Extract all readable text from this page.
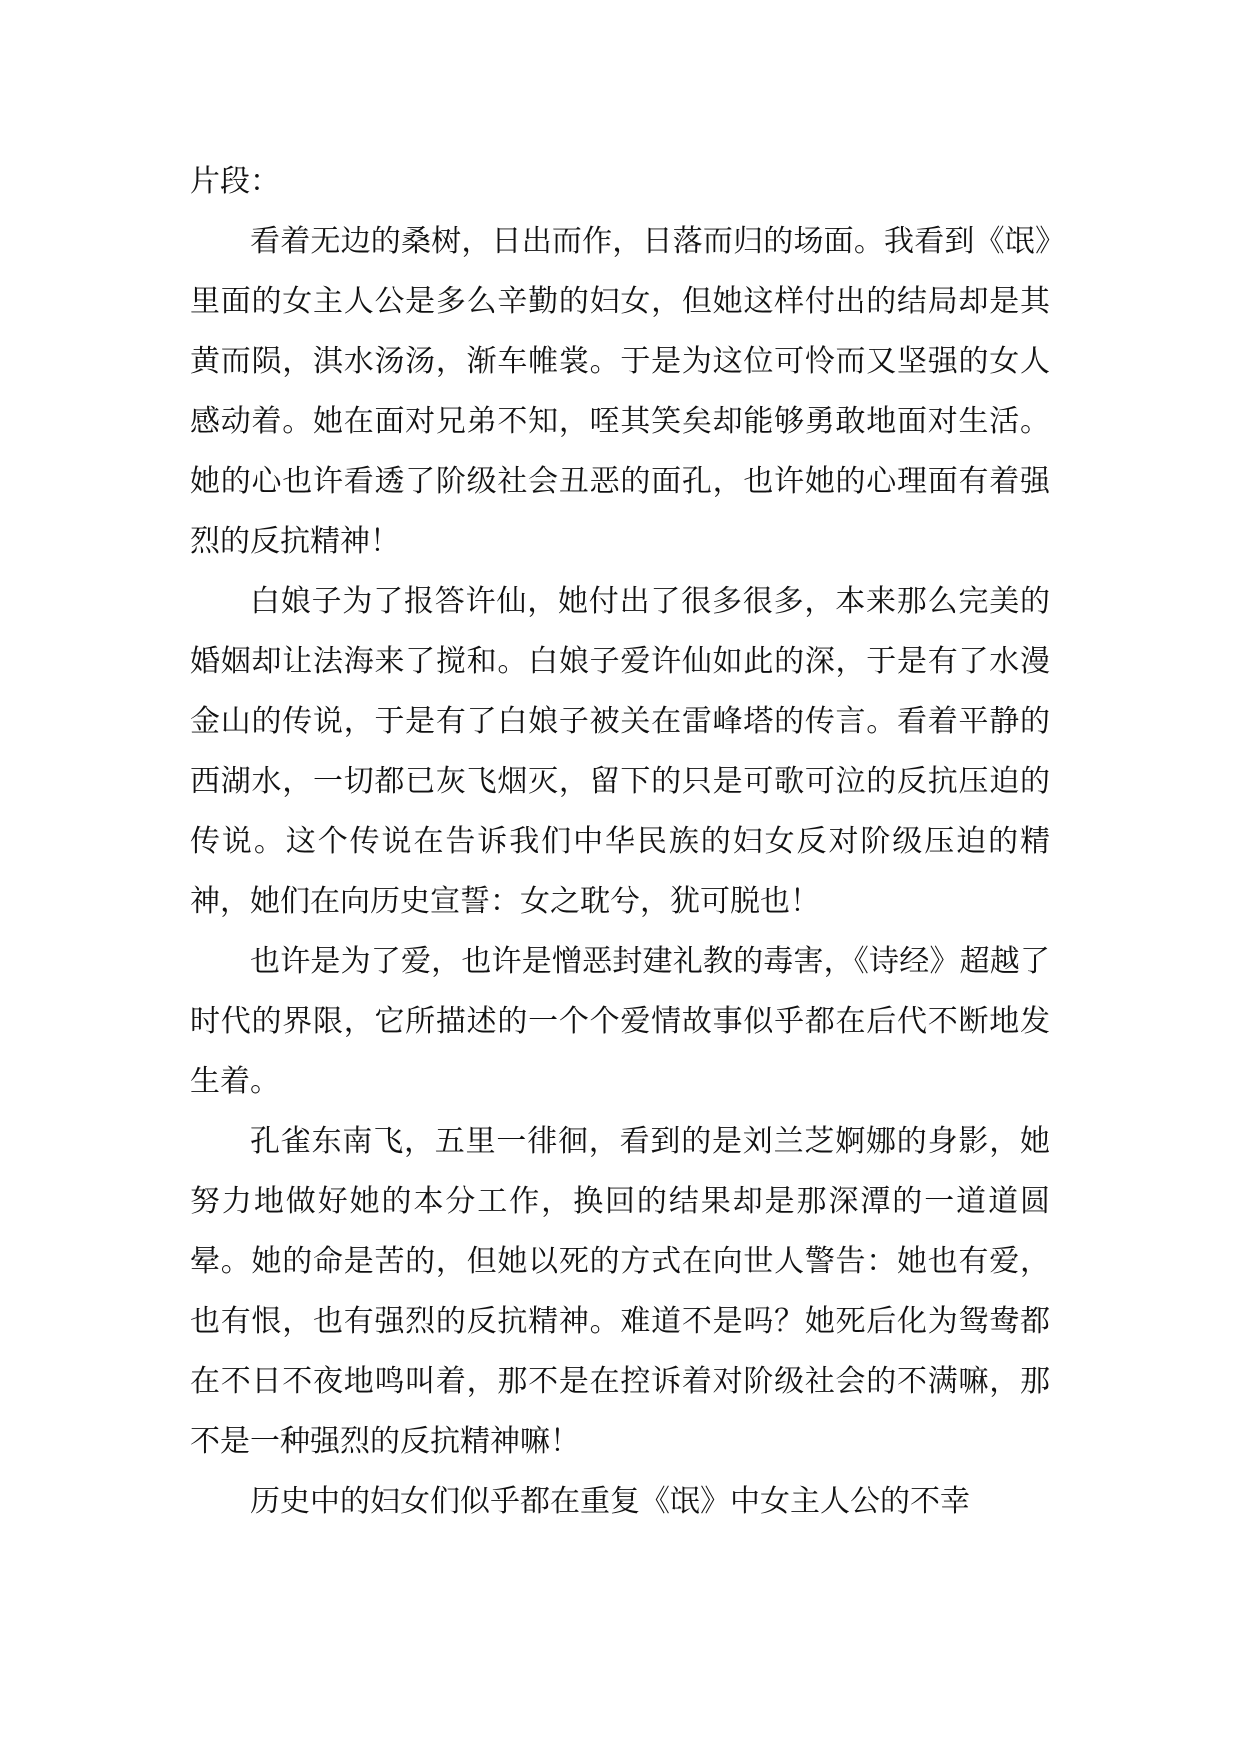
片段：

看着无边的桑树，日出而作，日落而归的场面。我看到《氓》里面的女主人公是多么辛勤的妇女，但她这样付出的结局却是其黄而陨，淇水汤汤，渐车帷裳。于是为这位可怜而又坚强的女人感动着。她在面对兄弟不知，咥其笑矣却能够勇敢地面对生活。她的心也许看透了阶级社会丑恶的面孔，也许她的心理面有着强烈的反抗精神！

白娘子为了报答许仙，她付出了很多很多，本来那么完美的婚姻却让法海来了搅和。白娘子爱许仙如此的深，于是有了水漫金山的传说，于是有了白娘子被关在雷峰塔的传言。看着平静的西湖水，一切都已灰飞烟灭，留下的只是可歌可泣的反抗压迫的传说。这个传说在告诉我们中华民族的妇女反对阶级压迫的精神，她们在向历史宣誓：女之耽兮，犹可脱也！

也许是为了爱，也许是憎恶封建礼教的毒害，《诗经》超越了时代的界限，它所描述的一个个爱情故事似乎都在后代不断地发生着。

孔雀东南飞，五里一徘徊，看到的是刘兰芝婀娜的身影，她努力地做好她的本分工作，换回的结果却是那深潭的一道道圆晕。她的命是苦的，但她以死的方式在向世人警告：她也有爱，也有恨，也有强烈的反抗精神。难道不是吗？她死后化为鸳鸯都在不日不夜地鸣叫着，那不是在控诉着对阶级社会的不满嘛，那不是一种强烈的反抗精神嘛！

历史中的妇女们似乎都在重复《氓》中女主人公的不幸
